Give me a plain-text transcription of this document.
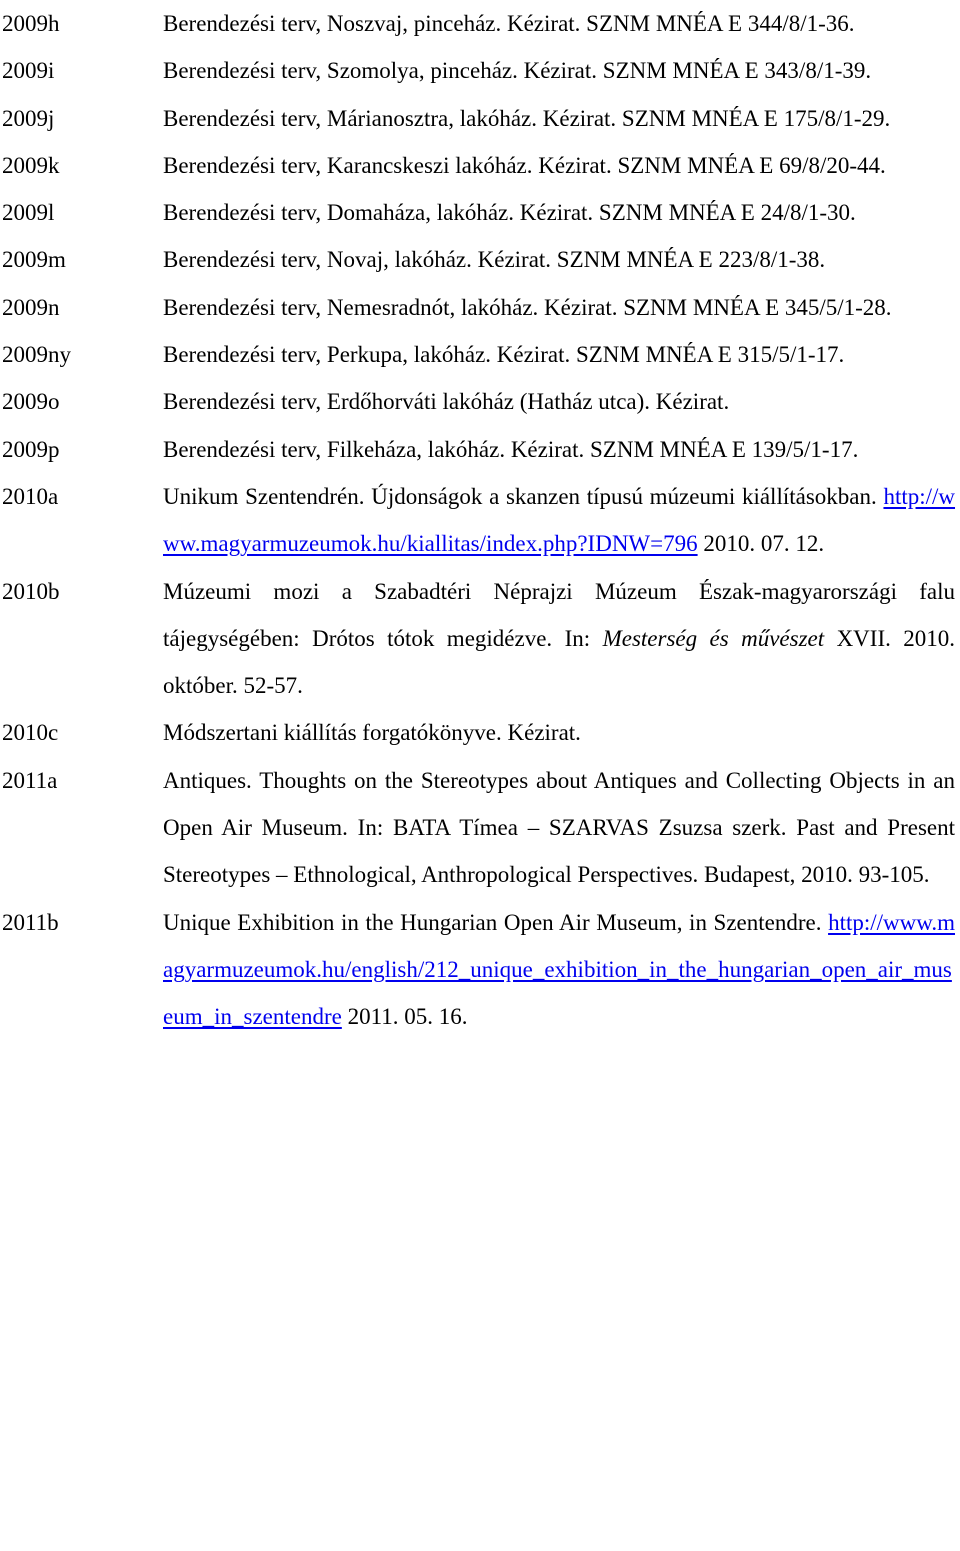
2009h	Berendezési terv, Noszvaj, pinceház. Kézirat. SZNM MNÉA E 344/8/1-36.
2009i	Berendezési terv, Szomolya, pinceház. Kézirat. SZNM MNÉA E 343/8/1-39.
2009j	Berendezési terv, Márianosztra, lakóház. Kézirat. SZNM MNÉA E 175/8/1-29.
2009k	Berendezési terv, Karancskeszi lakóház. Kézirat. SZNM MNÉA E 69/8/20-44.
2009l	Berendezési terv, Domaháza, lakóház. Kézirat. SZNM MNÉA E 24/8/1-30.
2009m	Berendezési terv, Novaj, lakóház. Kézirat. SZNM MNÉA E 223/8/1-38.
2009n	Berendezési terv, Nemesradnót, lakóház. Kézirat. SZNM MNÉA E 345/5/1-28.
2009ny	Berendezési terv, Perkupa, lakóház. Kézirat. SZNM MNÉA E 315/5/1-17.
2009o	Berendezési terv, Erdőhorváti lakóház (Hatház utca). Kézirat.
2009p	Berendezési terv, Filkeháza, lakóház. Kézirat. SZNM MNÉA E 139/5/1-17.
2010a	Unikum Szentendrén. Újdonságok a skanzen típusú múzeumi kiállításokban. http://www.magyarmuzeumok.hu/kiallitas/index.php?IDNW=796 2010. 07. 12.
2010b	Múzeumi mozi a Szabadtéri Néprajzi Múzeum Észak-magyarországi falu tájegységében: Drótos tótok megidézve. In: Mesterség és művészet XVII. 2010. október. 52-57.
2010c	Módszertani kiállítás forgatókönyve. Kézirat.
2011a	Antiques. Thoughts on the Stereotypes about Antiques and Collecting Objects in an Open Air Museum. In: BATA Tímea – SZARVAS Zsuzsa szerk. Past and Present Stereotypes – Ethnological, Anthropological Perspectives. Budapest, 2010. 93-105.
2011b	Unique Exhibition in the Hungarian Open Air Museum, in Szentendre. http://www.magyarmuzeumok.hu/english/212_unique_exhibition_in_the_hungarian_open_air_museum_in_szentendre 2011. 05. 16.
